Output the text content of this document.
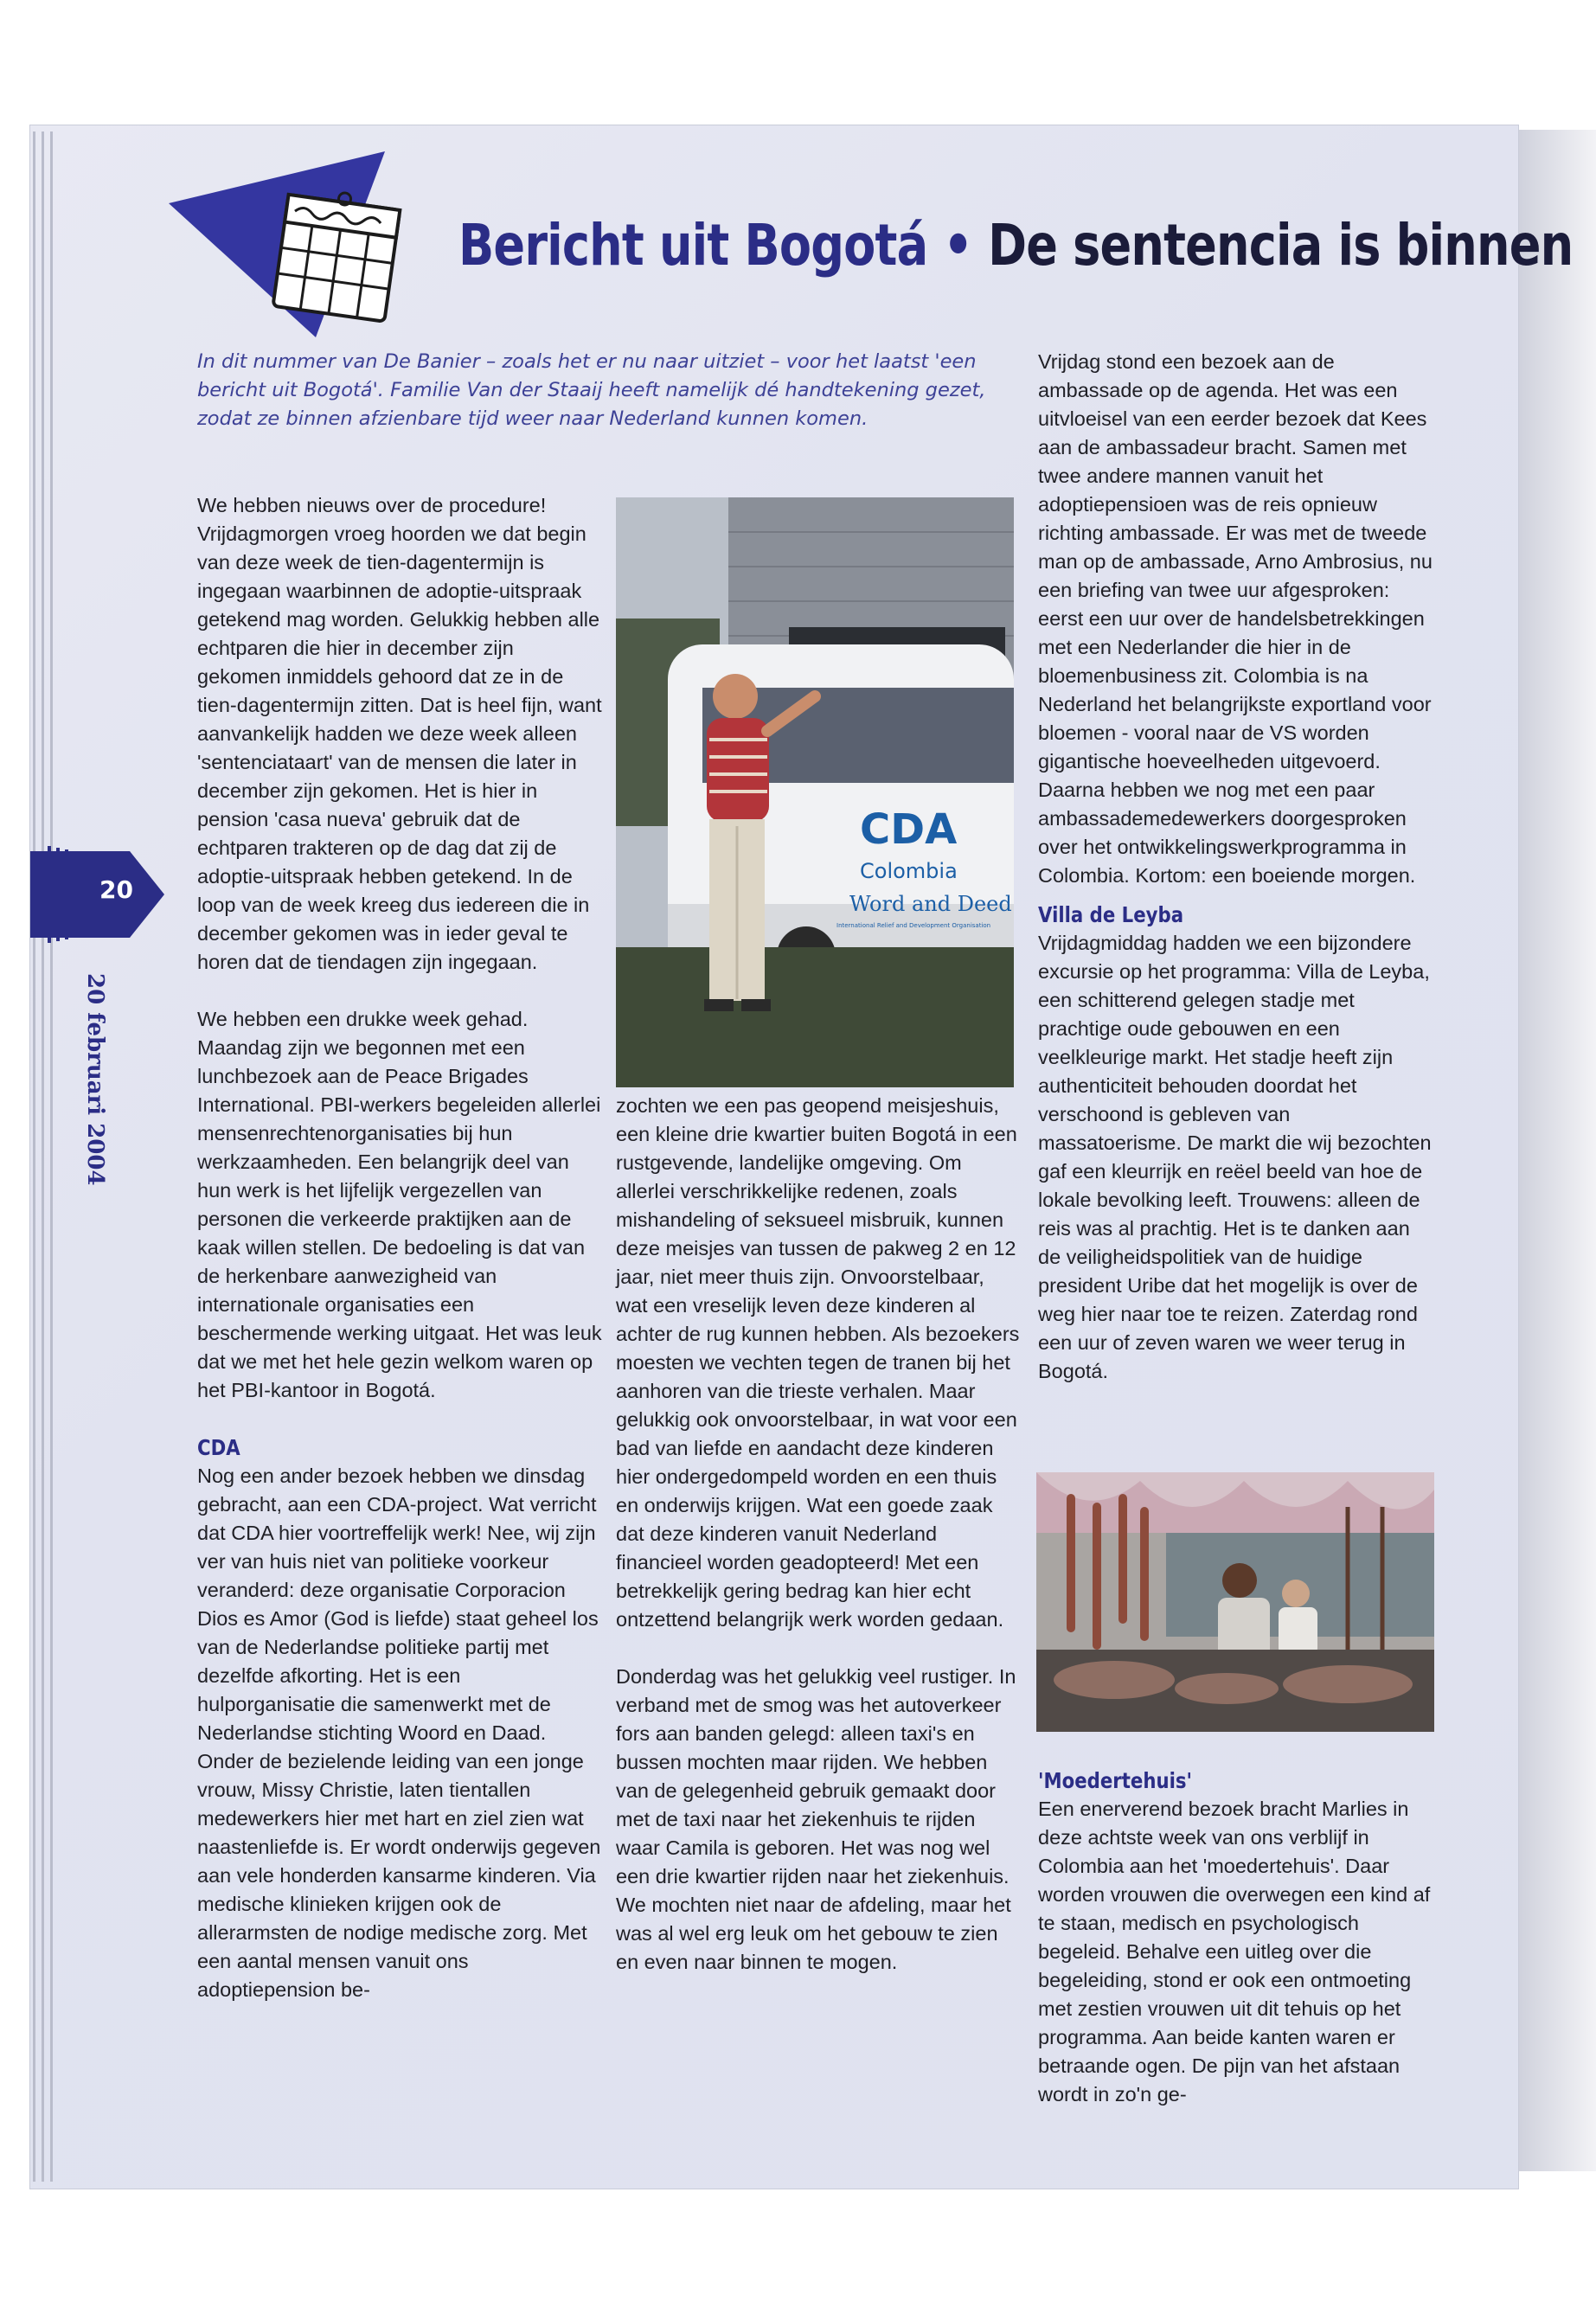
Bericht uit Bogotá • De sentencia is binnen
20
20 februari 2004
In dit nummer van De Banier – zoals het er nu naar uitziet – voor het laatst 'een bericht uit Bogotá'. Familie Van der Staaij heeft namelijk dé handtekening gezet, zodat ze binnen afzienbare tijd weer naar Nederland kunnen komen.

We hebben nieuws over de procedure! Vrijdagmorgen vroeg hoorden we dat begin van deze week de tien-dagentermijn is ingegaan waarbinnen de adoptie-uitspraak getekend mag worden. Gelukkig hebben alle echtparen die hier in december zijn gekomen inmiddels gehoord dat ze in de tien-dagentermijn zitten. Dat is heel fijn, want aanvankelijk hadden we deze week alleen 'sentenciataart' van de mensen die later in december zijn gekomen. Het is hier in pension 'casa nueva' gebruik dat de echtparen trakteren op de dag dat zij de adoptie-uitspraak hebben getekend. In de loop van de week kreeg dus iedereen die in december gekomen was in ieder geval te horen dat de tiendagen zijn ingegaan.

We hebben een drukke week gehad. Maandag zijn we begonnen met een lunchbezoek aan de Peace Brigades International. PBI-werkers begeleiden allerlei mensenrechtenorganisaties bij hun werkzaamheden. Een belangrijk deel van hun werk is het lijfelijk vergezellen van personen die verkeerde praktijken aan de kaak willen stellen. De bedoeling is dat van de herkenbare aanwezigheid van internationale organisaties een beschermende werking uitgaat. Het was leuk dat we met het hele gezin welkom waren op het PBI-kantoor in Bogotá.

CDA

Nog een ander bezoek hebben we dinsdag gebracht, aan een CDA-project. Wat verricht dat CDA hier voortreffelijk werk! Nee, wij zijn ver van huis niet van politieke voorkeur veranderd: deze organisatie Corporacion Dios es Amor (God is liefde) staat geheel los van de Nederlandse politieke partij met dezelfde afkorting. Het is een hulporganisatie die samenwerkt met de Nederlandse stichting Woord en Daad. Onder de bezielende leiding van een jonge vrouw, Missy Christie, laten tientallen medewerkers hier met hart en ziel zien wat naastenliefde is. Er wordt onderwijs gegeven aan vele honderden kansarme kinderen. Via medische klinieken krijgen ook de allerarmsten de nodige medische zorg. Met een aantal mensen vanuit ons adoptiepension be-

CDA
Colombia
Word and Deed
International Relief and Development Organisation

zochten we een pas geopend meisjeshuis, een kleine drie kwartier buiten Bogotá in een rustgevende, landelijke omgeving. Om allerlei verschrikkelijke redenen, zoals mishandeling of seksueel misbruik, kunnen deze meisjes van tussen de pakweg 2 en 12 jaar, niet meer thuis zijn. Onvoorstelbaar, wat een vreselijk leven deze kinderen al achter de rug kunnen hebben. Als bezoekers moesten we vechten tegen de tranen bij het aanhoren van die trieste verhalen. Maar gelukkig ook onvoorstelbaar, in wat voor een bad van liefde en aandacht deze kinderen hier ondergedompeld worden en een thuis en onderwijs krijgen. Wat een goede zaak dat deze kinderen vanuit Nederland financieel worden geadopteerd! Met een betrekkelijk gering bedrag kan hier echt ontzettend belangrijk werk worden gedaan.

Donderdag was het gelukkig veel rustiger. In verband met de smog was het autoverkeer fors aan banden gelegd: alleen taxi's en bussen mochten maar rijden. We hebben van de gelegenheid gebruik gemaakt door met de taxi naar het ziekenhuis te rijden waar Camila is geboren. Het was nog wel een drie kwartier rijden naar het ziekenhuis. We mochten niet naar de afdeling, maar het was al wel erg leuk om het gebouw te zien en even naar binnen te mogen.

Vrijdag stond een bezoek aan de ambassade op de agenda. Het was een uitvloeisel van een eerder bezoek dat Kees aan de ambassadeur bracht. Samen met twee andere mannen vanuit het adoptiepensioen was de reis opnieuw richting ambassade. Er was met de tweede man op de ambassade, Arno Ambrosius, nu een briefing van twee uur afgesproken: eerst een uur over de handelsbetrekkingen met een Nederlander die hier in de bloemenbusiness zit. Colombia is na Nederland het belangrijkste exportland voor bloemen - vooral naar de VS worden gigantische hoeveelheden uitgevoerd. Daarna hebben we nog met een paar ambassademedewerkers doorgesproken over het ontwikkelingswerkprogramma in Colombia. Kortom: een boeiende morgen.

Villa de Leyba

Vrijdagmiddag hadden we een bijzondere excursie op het programma: Villa de Leyba, een schitterend gelegen stadje met prachtige oude gebouwen en een veelkleurige markt. Het stadje heeft zijn authenticiteit behouden doordat het verschoond is gebleven van massatoerisme. De markt die wij bezochten gaf een kleurrijk en reëel beeld van hoe de lokale bevolking leeft. Trouwens: alleen de reis was al prachtig. Het is te danken aan de veiligheidspolitiek van de huidige president Uribe dat het mogelijk is over de weg hier naar toe te reizen. Zaterdag rond een uur of zeven waren we weer terug in Bogotá.

'Moedertehuis'

Een enerverend bezoek bracht Marlies in deze achtste week van ons verblijf in Colombia aan het 'moedertehuis'. Daar worden vrouwen die overwegen een kind af te staan, medisch en psychologisch begeleid. Behalve een uitleg over die begeleiding, stond er ook een ontmoeting met zestien vrouwen uit dit tehuis op het programma. Aan beide kanten waren er betraande ogen. De pijn van het afstaan wordt in zo'n ge-
